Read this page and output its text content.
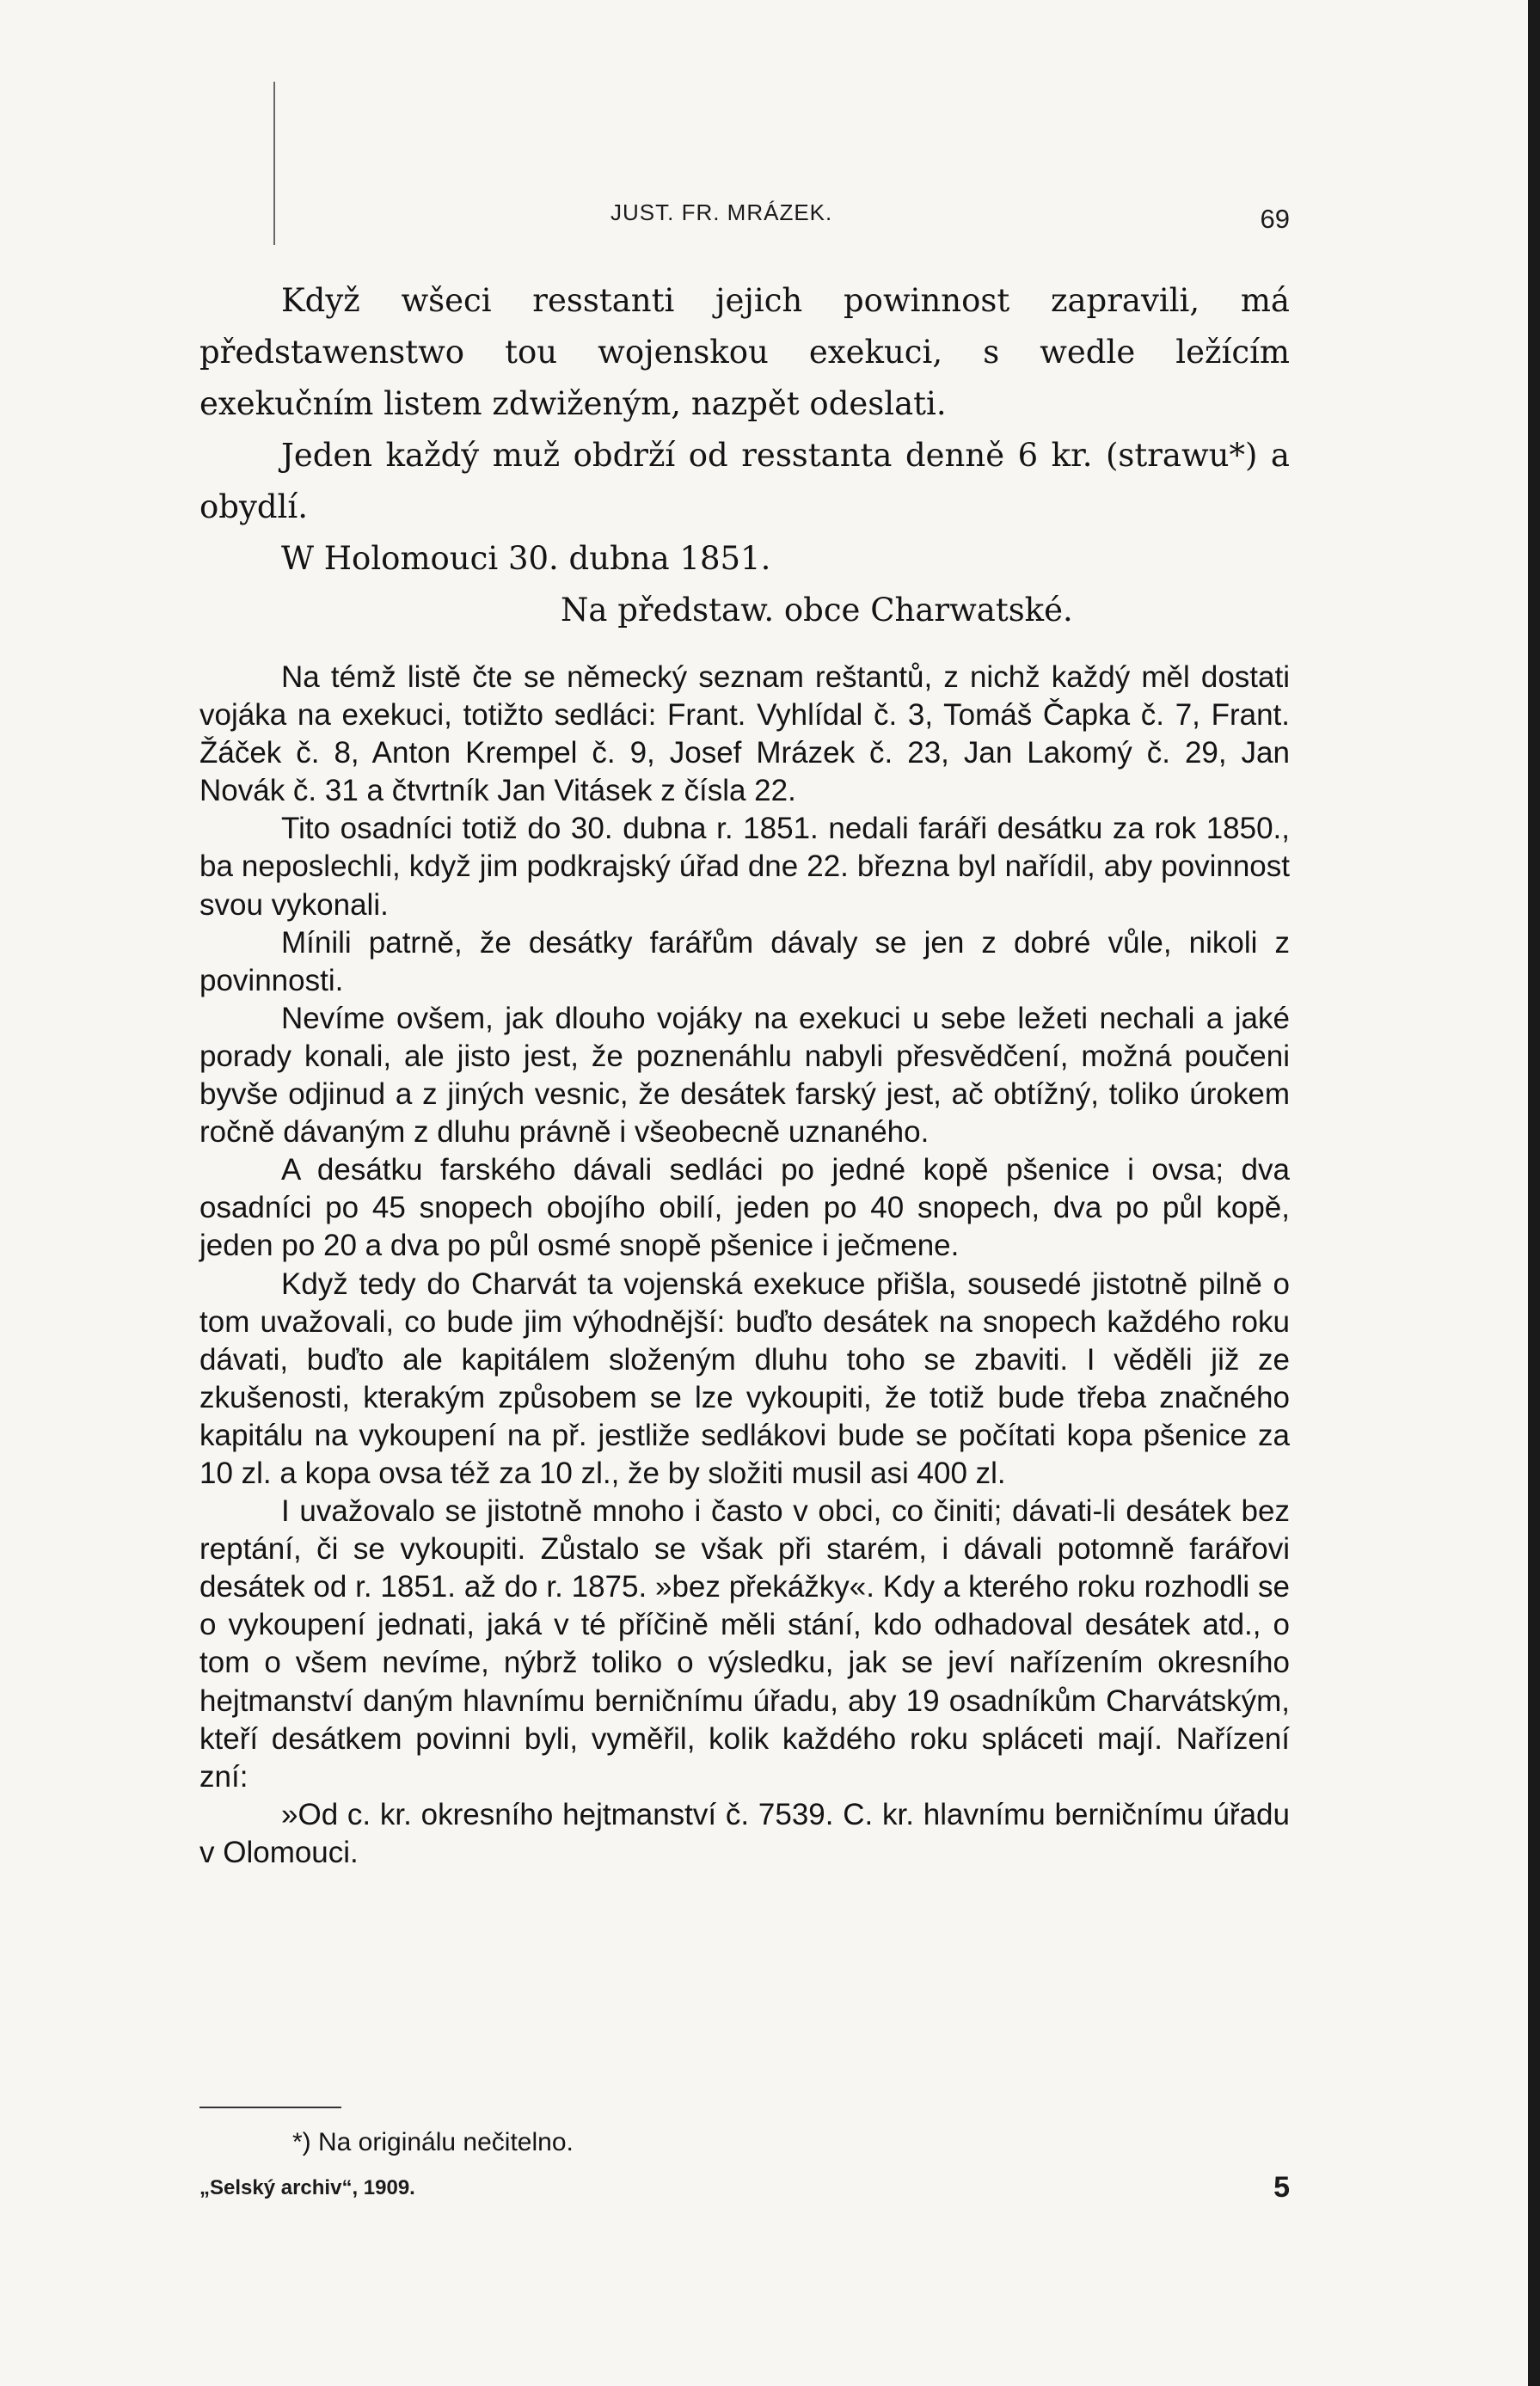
JUST. FR. MRÁZEK.	69

Když wšeci resstanti jejich powinnost zapravili, má předstawenstwo tou wojenskou exekuci, s wedle ležícím exekučním listem zdwiženým, nazpět odeslati.

Jeden každý muž obdrží od resstanta denně 6 kr. (strawu*) a obydlí.

W Holomouci 30. dubna 1851.

Na předstaw. obce Charwatské.

Na témž listě čte se německý seznam reštantů, z nichž každý měl dostati vojáka na exekuci, totižto sedláci: Frant. Vyhlídal č. 3, Tomáš Čapka č. 7, Frant. Žáček č. 8, Anton Krempel č. 9, Josef Mrázek č. 23, Jan Lakomý č. 29, Jan Novák č. 31 a čtvrtník Jan Vitásek z čísla 22.

Tito osadníci totiž do 30. dubna r. 1851. nedali faráři desátku za rok 1850., ba neposlechli, když jim podkrajský úřad dne 22. března byl nařídil, aby povinnost svou vykonali.

Mínili patrně, že desátky farářům dávaly se jen z dobré vůle, nikoli z povinnosti.

Nevíme ovšem, jak dlouho vojáky na exekuci u sebe ležeti nechali a jaké porady konali, ale jisto jest, že poznenáhlu nabyli přesvědčení, možná poučeni byvše odjinud a z jiných vesnic, že desátek farský jest, ač obtížný, toliko úrokem ročně dávaným z dluhu právně i všeobecně uznaného.

A desátku farského dávali sedláci po jedné kopě pšenice i ovsa; dva osadníci po 45 snopech obojího obilí, jeden po 40 snopech, dva po půl kopě, jeden po 20 a dva po půl osmé snopě pšenice i ječmene.

Když tedy do Charvát ta vojenská exekuce přišla, sousedé jistotně pilně o tom uvažovali, co bude jim výhodnější: buďto desátek na snopech každého roku dávati, buďto ale kapitálem složeným dluhu toho se zbaviti. I věděli již ze zkušenosti, kterakým způsobem se lze vykoupiti, že totiž bude třeba značného kapitálu na vykoupení na př. jestliže sedlákovi bude se počítati kopa pšenice za 10 zl. a kopa ovsa též za 10 zl., že by složiti musil asi 400 zl.

I uvažovalo se jistotně mnoho i často v obci, co činiti; dávati-li desátek bez reptání, či se vykoupiti. Zůstalo se však při starém, i dávali potomně farářovi desátek od r. 1851. až do r. 1875. »bez překážky«. Kdy a kterého roku rozhodli se o vykoupení jednati, jaká v té příčině měli stání, kdo odhadoval desátek atd., o tom o všem nevíme, nýbrž toliko o výsledku, jak se jeví nařízením okresního hejtmanství daným hlavnímu berničnímu úřadu, aby 19 osadníkům Charvátským, kteří desátkem povinni byli, vyměřil, kolik každého roku spláceti mají. Nařízení zní:

»Od c. kr. okresního hejtmanství č. 7539. C. kr. hlavnímu berničnímu úřadu v Olomouci.

*) Na originálu nečitelno.
„Selský archiv“, 1909.	5
